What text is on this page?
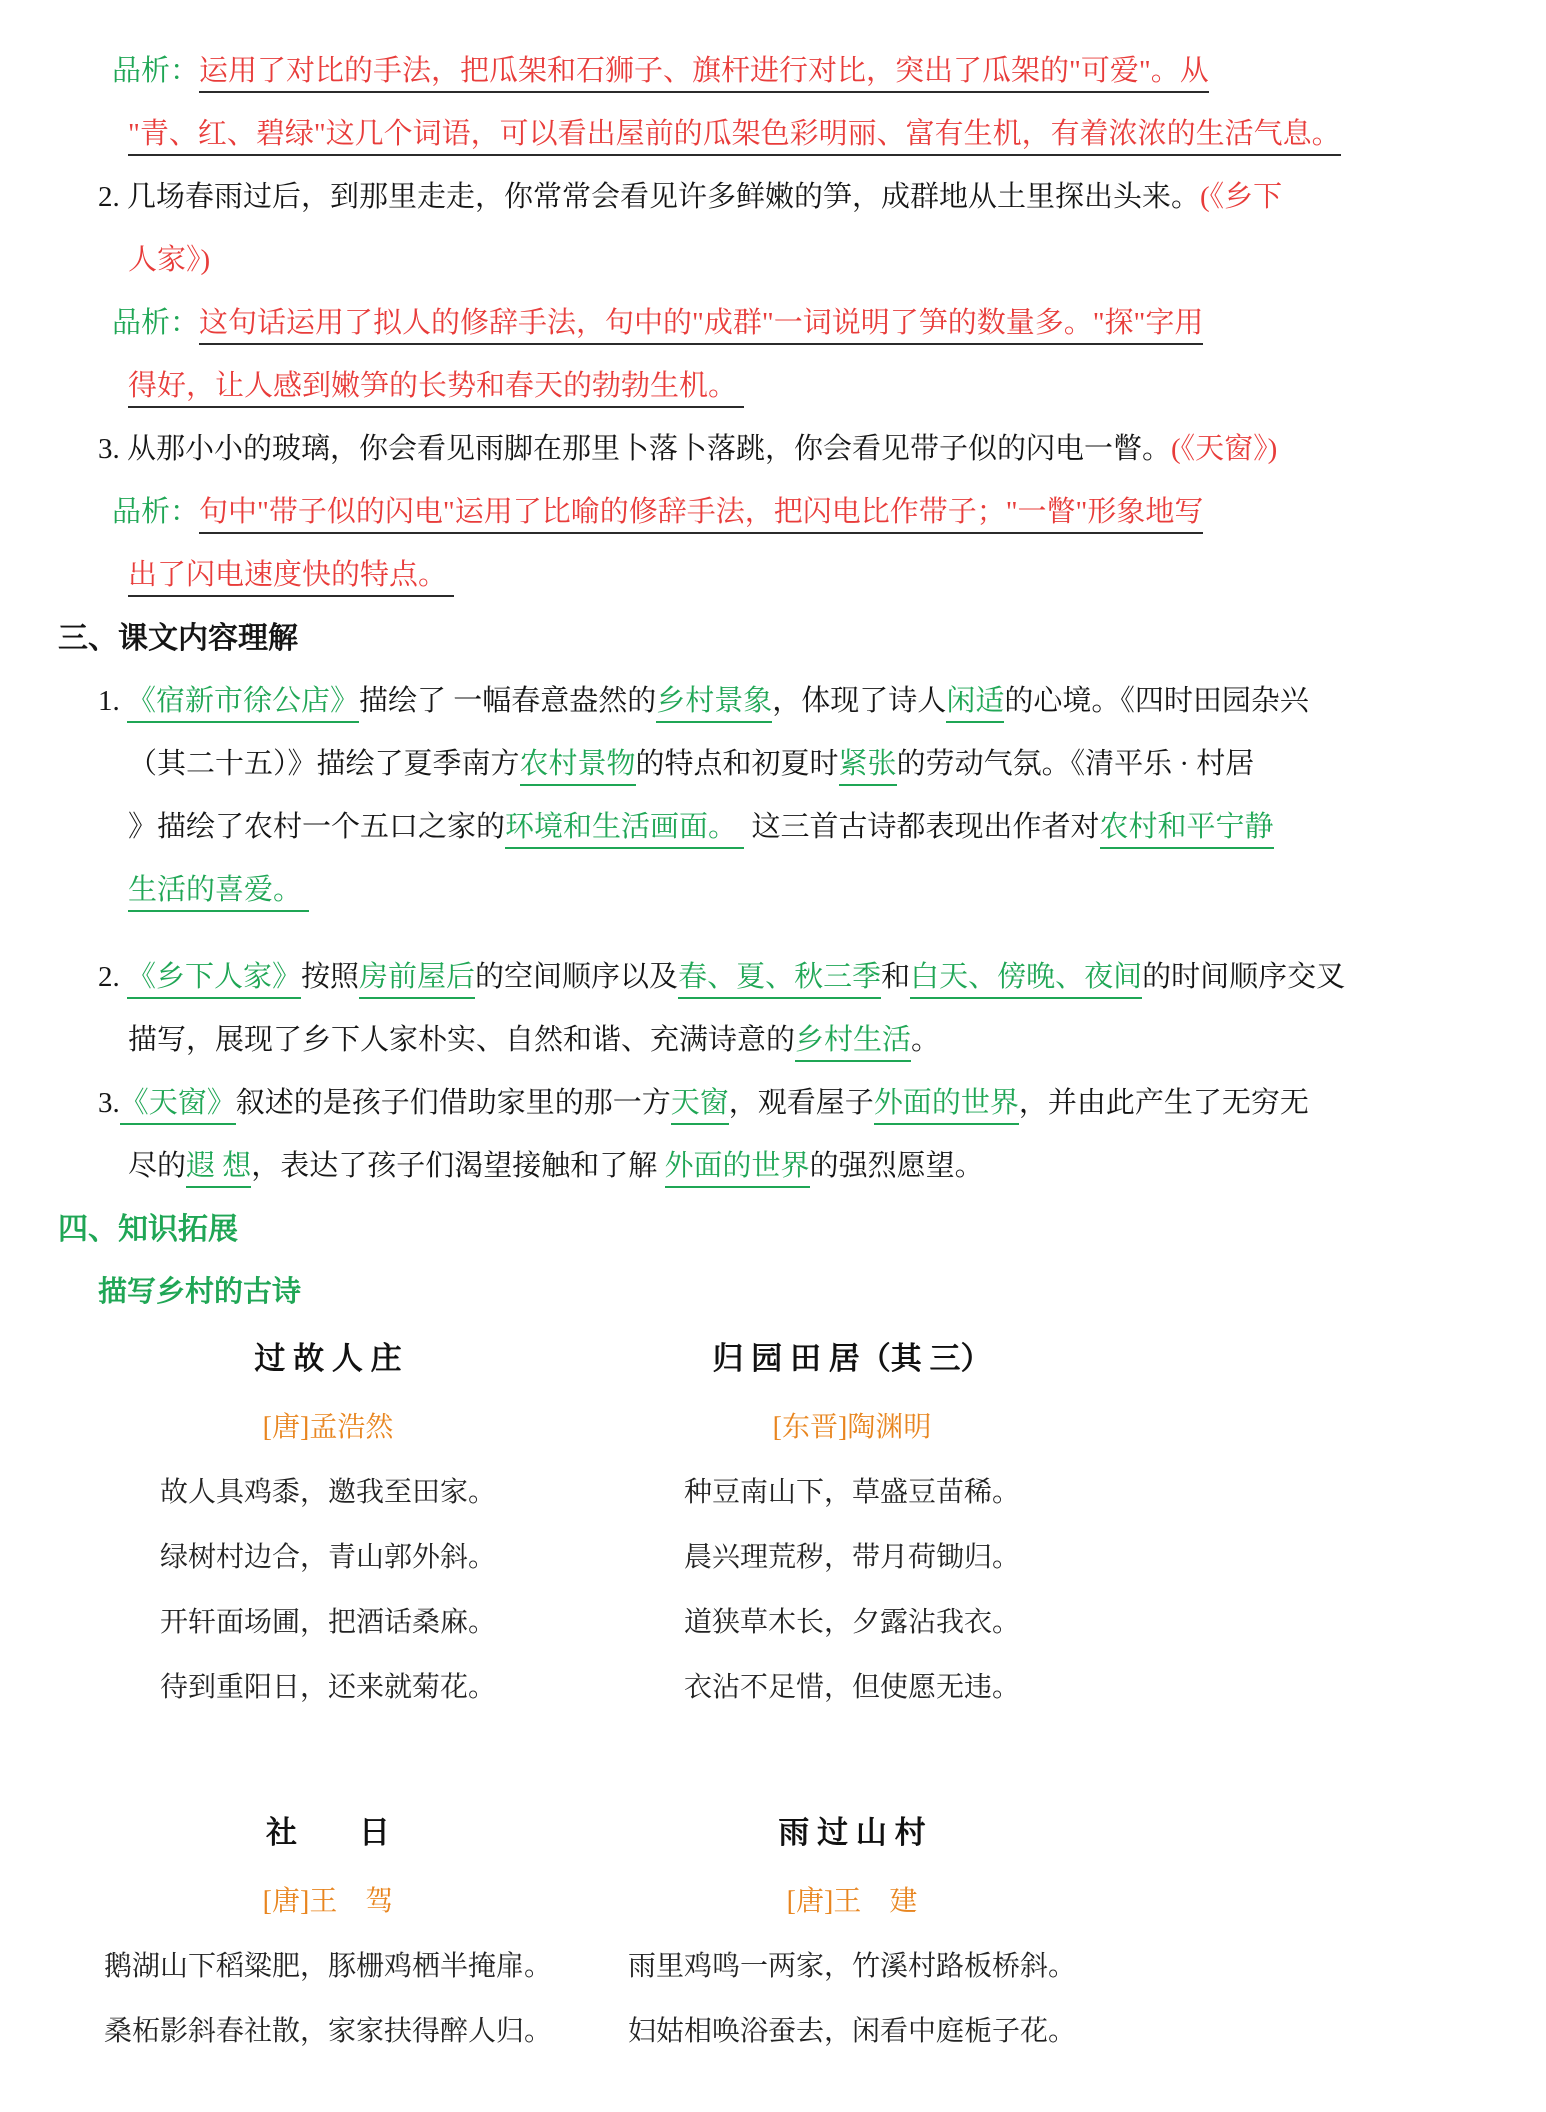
品析：运用了对比的手法，把瓜架和石狮子、旗杆进行对比，突出了瓜架的"可爱"。从
"青、红、碧绿"这几个词语，可以看出屋前的瓜架色彩明丽、富有生机，有着浓浓的生活气息。
2. 几场春雨过后，到那里走走，你常常会看见许多鲜嫩的笋，成群地从土里探出头来。(《乡下
人家》)
品析：这句话运用了拟人的修辞手法，句中的"成群"一词说明了笋的数量多。"探"字用
得好，让人感到嫩笋的长势和春天的勃勃生机。
3. 从那小小的玻璃，你会看见雨脚在那里卜落卜落跳，你会看见带子似的闪电一瞥。(《天窗》)
品析：句中"带子似的闪电"运用了比喻的修辞手法，把闪电比作带子；"一瞥"形象地写
出了闪电速度快的特点。
三、课文内容理解
1. 《宿新市徐公店》描绘了 一幅春意盎然的乡村景象，体现了诗人闲适的心境。《四时田园杂兴
（其二十五）》描绘了夏季南方农村景物的特点和初夏时紧张的劳动气氛。《清平乐 · 村居
》描绘了农村一个五口之家的环境和生活画面。  这三首古诗都表现出作者对农村和平宁静
生活的喜爱。
2. 《乡下人家》按照房前屋后的空间顺序以及春、夏、秋三季和白天、傍晚、夜间的时间顺序交叉
描写，展现了乡下人家朴实、自然和谐、充满诗意的乡村生活。
3.《天窗》叙述的是孩子们借助家里的那一方天窗，观看屋子外面的世界，并由此产生了无穷无
尽的遐 想，表达了孩子们渴望接触和了解 外面的世界的强烈愿望。
四、知识拓展
描写乡村的古诗
过 故 人 庄
[唐]孟浩然
故人具鸡黍，邀我至田家。
绿树村边合，青山郭外斜。
开轩面场圃，把酒话桑麻。
待到重阳日，还来就菊花。
归 园 田 居（其 三）
[东晋]陶渊明
种豆南山下，草盛豆苗稀。
晨兴理荒秽，带月荷锄归。
道狭草木长，夕露沾我衣。
衣沾不足惜，但使愿无违。
社　　日
[唐]王　驾
鹅湖山下稻粱肥，豚栅鸡栖半掩扉。
桑柘影斜春社散，家家扶得醉人归。
雨 过 山 村
[唐]王　建
雨里鸡鸣一两家，竹溪村路板桥斜。
妇姑相唤浴蚕去，闲看中庭栀子花。
